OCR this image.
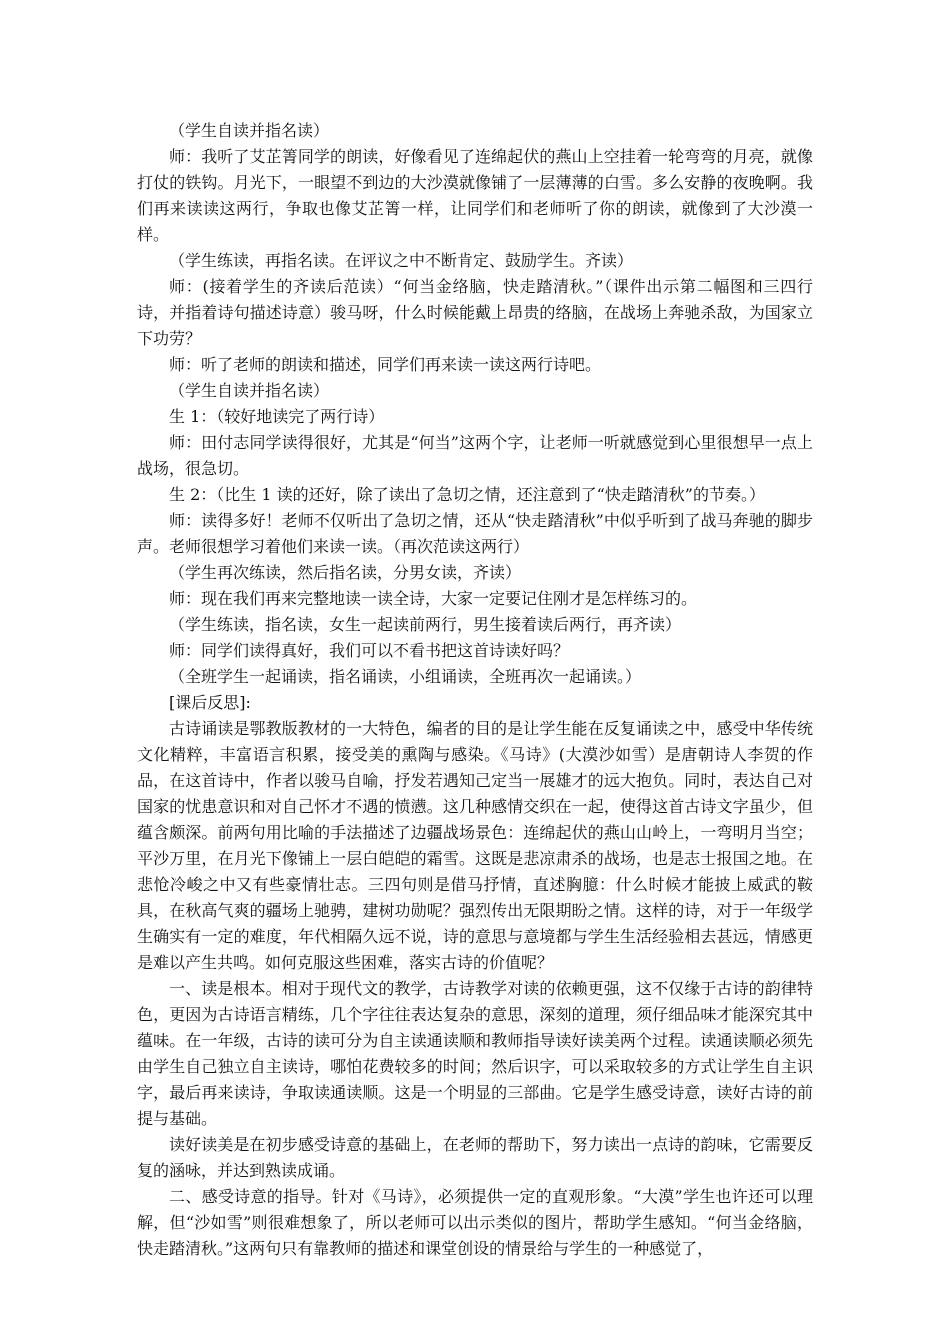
（学生自读并指名读）

师：我听了艾芷箐同学的朗读，好像看见了连绵起伏的燕山上空挂着一轮弯弯的月亮，就像打仗的铁钩。月光下，一眼望不到边的大沙漠就像铺了一层薄薄的白雪。多么安静的夜晚啊。我们再来读读这两行，争取也像艾芷箐一样，让同学们和老师听了你的朗读，就像到了大沙漠一样。

（学生练读，再指名读。在评议之中不断肯定、鼓励学生。齐读）

师：(接着学生的齐读后范读）“何当金络脑，快走踏清秋。”（课件出示第二幅图和三四行诗，并指着诗句描述诗意）骏马呀，什么时候能戴上昂贵的络脑，在战场上奔驰杀敌，为国家立下功劳？

师：听了老师的朗读和描述，同学们再来读一读这两行诗吧。

（学生自读并指名读）

生 1：（较好地读完了两行诗）

师：田付志同学读得很好，尤其是“何当”这两个字，让老师一听就感觉到心里很想早一点上战场，很急切。

生 2：（比生 1 读的还好，除了读出了急切之情，还注意到了“快走踏清秋”的节奏。）

师：读得多好！老师不仅听出了急切之情，还从“快走踏清秋”中似乎听到了战马奔驰的脚步声。老师很想学习着他们来读一读。（再次范读这两行）

（学生再次练读，然后指名读，分男女读，齐读）

师：现在我们再来完整地读一读全诗，大家一定要记住刚才是怎样练习的。

（学生练读，指名读，女生一起读前两行，男生接着读后两行，再齐读）

师：同学们读得真好，我们可以不看书把这首诗读好吗？

（全班学生一起诵读，指名诵读，小组诵读，全班再次一起诵读。）

[课后反思]:

古诗诵读是鄂教版教材的一大特色，编者的目的是让学生能在反复诵读之中，感受中华传统文化精粹，丰富语言积累，接受美的熏陶与感染。《马诗》(大漠沙如雪）是唐朝诗人李贺的作品，在这首诗中，作者以骏马自喻，抒发若遇知己定当一展雄才的远大抱负。同时，表达自己对国家的忧患意识和对自己怀才不遇的愤懑。这几种感情交织在一起，使得这首古诗文字虽少，但蕴含颇深。前两句用比喻的手法描述了边疆战场景色：连绵起伏的燕山山岭上，一弯明月当空；平沙万里，在月光下像铺上一层白皑皑的霜雪。这既是悲凉肃杀的战场，也是志士报国之地。在悲怆冷峻之中又有些豪情壮志。三四句则是借马抒情，直述胸臆：什么时候才能披上威武的鞍具，在秋高气爽的疆场上驰骋，建树功勋呢？强烈传出无限期盼之情。这样的诗，对于一年级学生确实有一定的难度，年代相隔久远不说，诗的意思与意境都与学生生活经验相去甚远，情感更是难以产生共鸣。如何克服这些困难，落实古诗的价值呢？

一、读是根本。相对于现代文的教学，古诗教学对读的依赖更强，这不仅缘于古诗的韵律特色，更因为古诗语言精练，几个字往往表达复杂的意思，深刻的道理，须仔细品味才能深究其中蕴味。在一年级，古诗的读可分为自主读通读顺和教师指导读好读美两个过程。读通读顺必须先由学生自己独立自主读诗，哪怕花费较多的时间；然后识字，可以采取较多的方式让学生自主识字，最后再来读诗，争取读通读顺。这是一个明显的三部曲。它是学生感受诗意，读好古诗的前提与基础。

读好读美是在初步感受诗意的基础上，在老师的帮助下，努力读出一点诗的韵味，它需要反复的涵咏，并达到熟读成诵。

二、感受诗意的指导。针对《马诗》，必须提供一定的直观形象。“大漠”学生也许还可以理解，但“沙如雪”则很难想象了，所以老师可以出示类似的图片，帮助学生感知。“何当金络脑，快走踏清秋。”这两句只有靠教师的描述和课堂创设的情景给与学生的一种感觉了，
